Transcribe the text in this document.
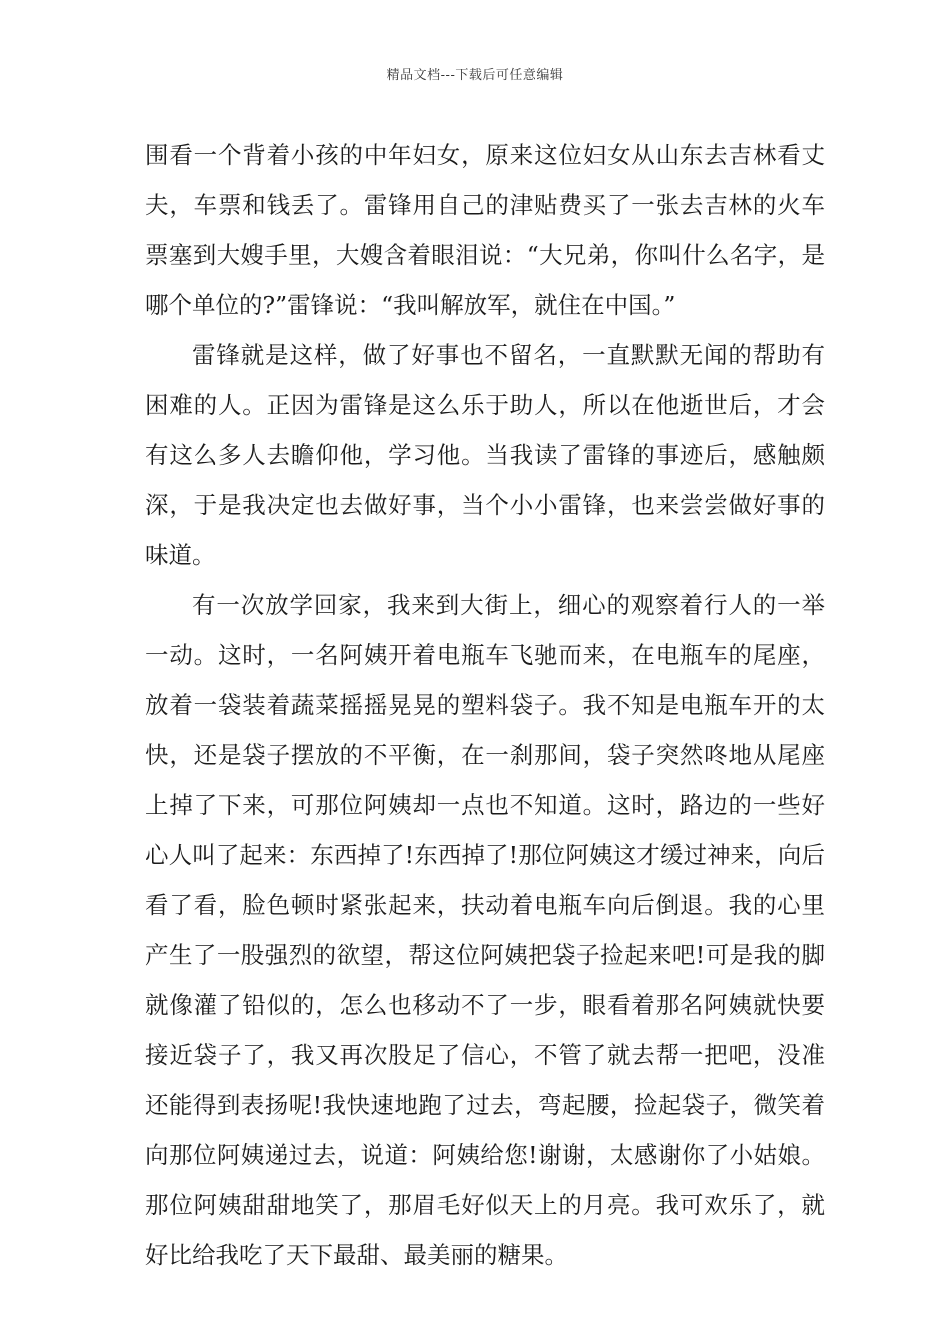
精品文档---下载后可任意编辑

围看一个背着小孩的中年妇女，原来这位妇女从山东去吉林看丈夫，车票和钱丢了。雷锋用自己的津贴费买了一张去吉林的火车票塞到大嫂手里，大嫂含着眼泪说：“大兄弟，你叫什么名字，是哪个单位的?”雷锋说：“我叫解放军，就住在中国。”

雷锋就是这样，做了好事也不留名，一直默默无闻的帮助有困难的人。正因为雷锋是这么乐于助人，所以在他逝世后，才会有这么多人去瞻仰他，学习他。当我读了雷锋的事迹后，感触颇深，于是我决定也去做好事，当个小小雷锋，也来尝尝做好事的味道。

有一次放学回家，我来到大街上，细心的观察着行人的一举一动。这时，一名阿姨开着电瓶车飞驰而来，在电瓶车的尾座，放着一袋装着蔬菜摇摇晃晃的塑料袋子。我不知是电瓶车开的太快，还是袋子摆放的不平衡，在一刹那间，袋子突然咚地从尾座上掉了下来，可那位阿姨却一点也不知道。这时，路边的一些好心人叫了起来：东西掉了!东西掉了!那位阿姨这才缓过神来，向后看了看，脸色顿时紧张起来，扶动着电瓶车向后倒退。我的心里产生了一股强烈的欲望，帮这位阿姨把袋子捡起来吧!可是我的脚就像灌了铅似的，怎么也移动不了一步，眼看着那名阿姨就快要接近袋子了，我又再次股足了信心，不管了就去帮一把吧，没准还能得到表扬呢!我快速地跑了过去，弯起腰，捡起袋子，微笑着向那位阿姨递过去，说道：阿姨给您!谢谢，太感谢你了小姑娘。那位阿姨甜甜地笑了，那眉毛好似天上的月亮。我可欢乐了，就好比给我吃了天下最甜、最美丽的糖果。
